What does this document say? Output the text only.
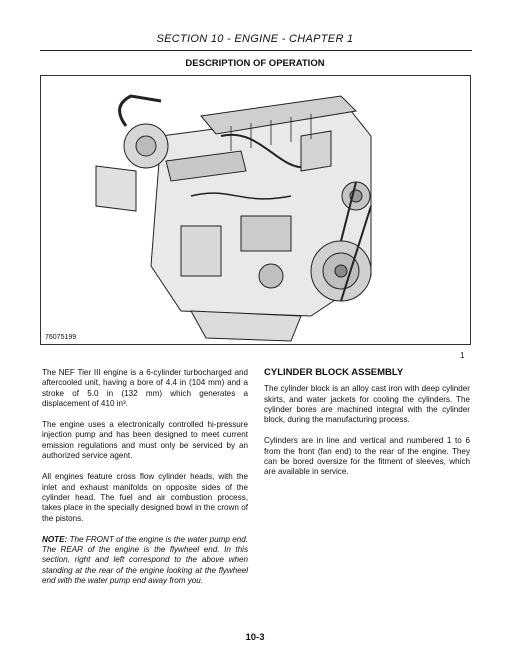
SECTION 10 - ENGINE - CHAPTER 1
DESCRIPTION OF OPERATION
76075199
1

The NEF Tier III engine is a 6-cylinder turbocharged and aftercooled unit, having a bore of 4.4 in (104 mm) and a stroke of 5.0 in (132 mm) which generates a displacement of 410 in³.

The engine uses a electronically controlled hi-pressure injection pump and has been designed to meet current emission regulations and must only be serviced by an authorized service agent.

All engines feature cross flow cylinder heads, with the inlet and exhaust manifolds on opposite sides of the cylinder head. The fuel and air combustion process, takes place in the specially designed bowl in the crown of the pistons.

NOTE: The FRONT of the engine is the water pump end. The REAR of the engine is the flywheel end. In this section, right and left correspond to the above when standing at the rear of the engine looking at the flywheel end with the water pump end away from you.

CYLINDER BLOCK ASSEMBLY

The cylinder block is an alloy cast iron with deep cylinder skirts, and water jackets for cooling the cylinders. The cylinder bores are machined integral with the cylinder block, during the manufacturing process.

Cylinders are in line and vertical and numbered 1 to 6 from the front (fan end) to the rear of the engine. They can be bored oversize for the fitment of sleeves, which are available in service.

10-3
